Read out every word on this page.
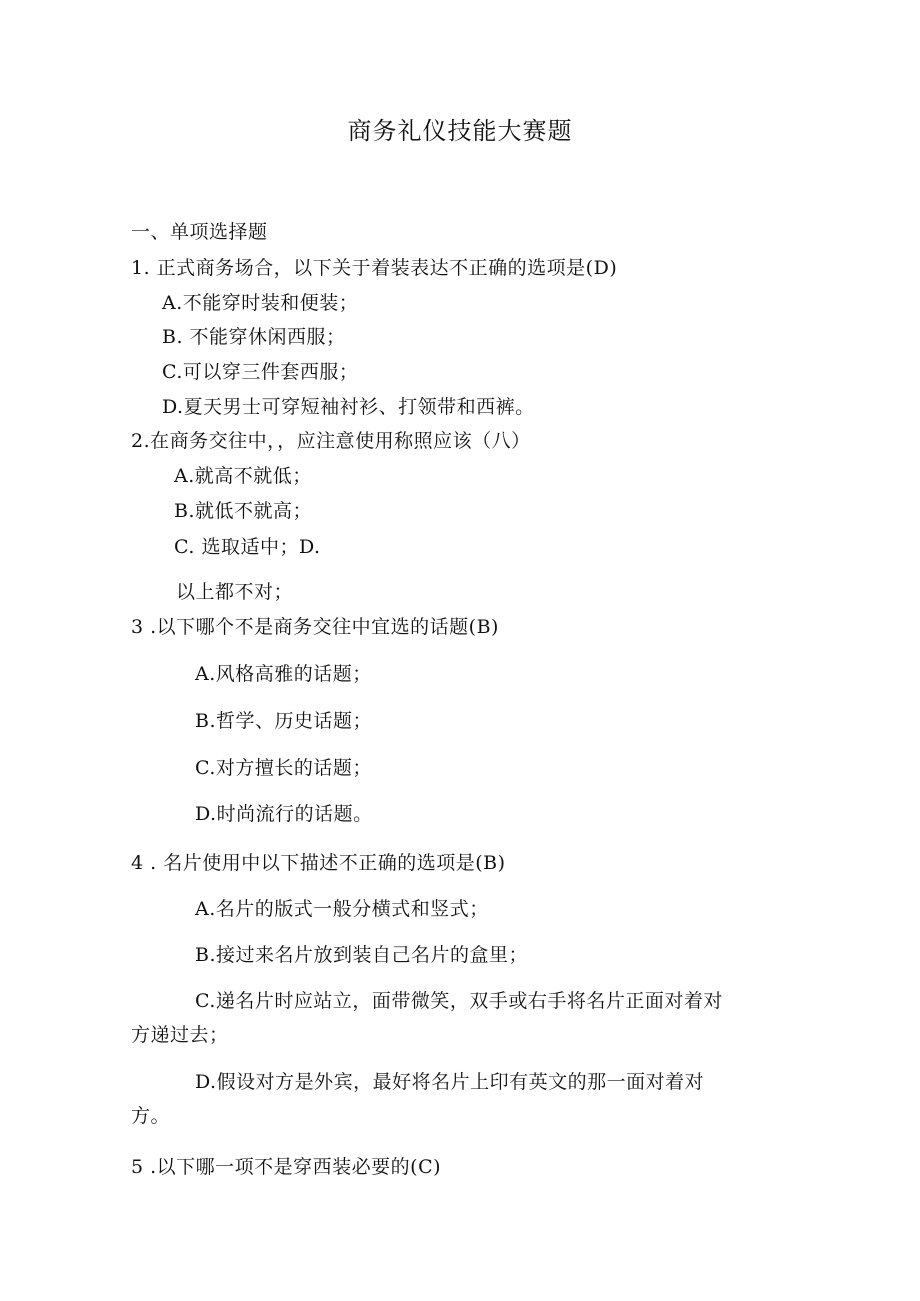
商务礼仪技能大赛题
一、单项选择题
1. 正式商务场合，以下关于着装表达不正确的选项是(D)
A.不能穿时装和便装；
B. 不能穿休闲西服；
C.可以穿三件套西服；
D.夏天男士可穿短袖衬衫、打领带和西裤。
2.在商务交往中，，应注意使用称照应该（八）
A.就高不就低；
B.就低不就高；
C. 选取适中；D.
以上都不对；
3 .以下哪个不是商务交往中宜选的话题(B)
A.风格高雅的话题；
B.哲学、历史话题；
C.对方擅长的话题；
D.时尚流行的话题。
4 . 名片使用中以下描述不正确的选项是(B)
A.名片的版式一般分横式和竖式；
B.接过来名片放到装自己名片的盒里；
C.递名片时应站立，面带微笑，双手或右手将名片正面对着对
方递过去；
D.假设对方是外宾，最好将名片上印有英文的那一面对着对
方。
5 .以下哪一项不是穿西装必要的(C)
